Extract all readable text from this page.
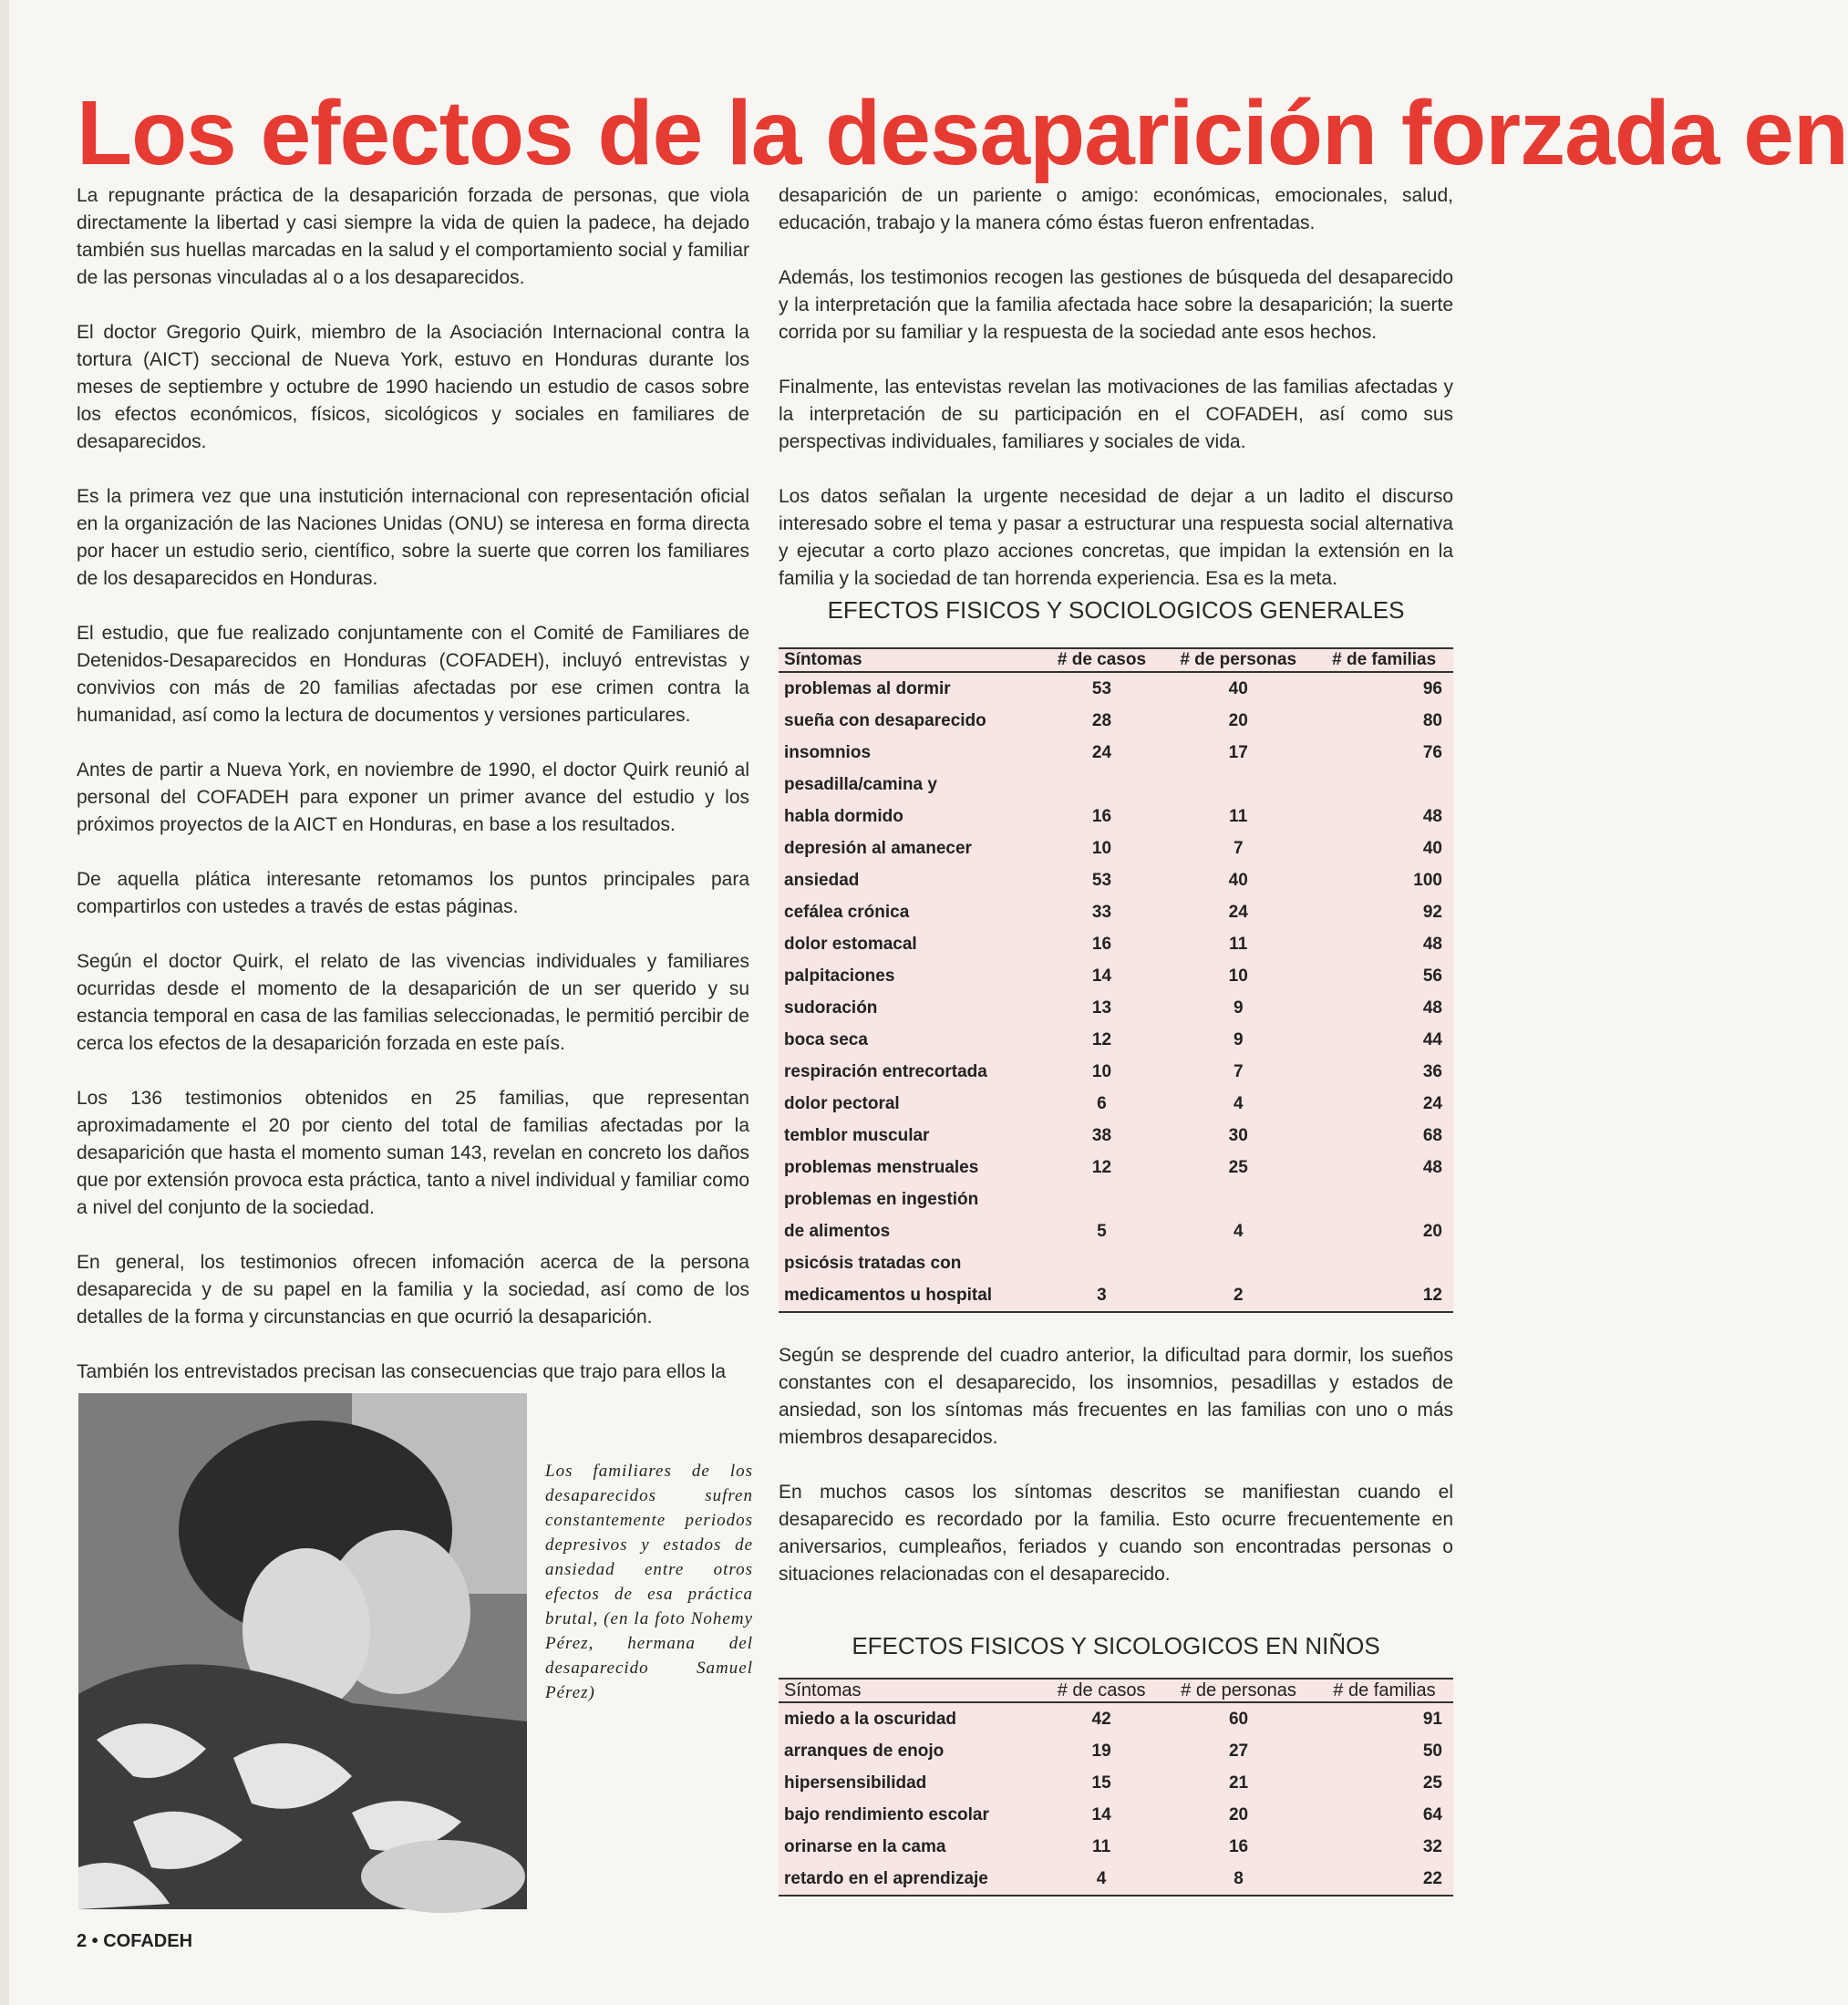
Los efectos de la desaparición forzada en

La repugnante práctica de la desaparición forzada de personas, que viola directamente la libertad y casi siempre la vida de quien la padece, ha dejado también sus huellas marcadas en la salud y el comportamiento social y familiar de las personas vinculadas al o a los desaparecidos.

El doctor Gregorio Quirk, miembro de la Asociación Internacional contra la tortura (AICT) seccional de Nueva York, estuvo en Honduras durante los meses de septiembre y octubre de 1990 haciendo un estudio de casos sobre los efectos económicos, físicos, sicológicos y sociales en familiares de desaparecidos.

Es la primera vez que una instutición internacional con representación oficial en la organización de las Naciones Unidas (ONU) se interesa en forma directa por hacer un estudio serio, científico, sobre la suerte que corren los familiares de los desaparecidos en Honduras.

El estudio, que fue realizado conjuntamente con el Comité de Familiares de Detenidos-Desaparecidos en Honduras (COFADEH), incluyó entrevistas y convivios con más de 20 familias afectadas por ese crimen contra la humanidad, así como la lectura de documentos y versiones particulares.

Antes de partir a Nueva York, en noviembre de 1990, el doctor Quirk reunió al personal del COFADEH para exponer un primer avance del estudio y los próximos proyectos de la AICT en Honduras, en base a los resultados.

De aquella plática interesante retomamos los puntos principales para compartirlos con ustedes a través de estas páginas.

Según el doctor Quirk, el relato de las vivencias individuales y familiares ocurridas desde el momento de la desaparición de un ser querido y su estancia temporal en casa de las familias seleccionadas, le permitió percibir de cerca los efectos de la desaparición forzada en este país.

Los 136 testimonios obtenidos en 25 familias, que representan aproximadamente el 20 por ciento del total de familias afectadas por la desaparición que hasta el momento suman 143, revelan en concreto los daños que por extensión provoca esta práctica, tanto a nivel individual y familiar como a nivel del conjunto de la sociedad.

En general, los testimonios ofrecen infomación acerca de la persona desaparecida y de su papel en la familia y la sociedad, así como de los detalles de la forma y circunstancias en que ocurrió la desaparición.

También los entrevistados precisan las consecuencias que trajo para ellos la

desaparición de un pariente o amigo: económicas, emocionales, salud, educación, trabajo y la manera cómo éstas fueron enfrentadas.

Además, los testimonios recogen las gestiones de búsqueda del desaparecido y la interpretación que la familia afectada hace sobre la desaparición; la suerte corrida por su familiar y la respuesta de la sociedad ante esos hechos.

Finalmente, las entevistas revelan las motivaciones de las familias afectadas y la interpretación de su participación en el COFADEH, así como sus perspectivas individuales, familiares y sociales de vida.

Los datos señalan la urgente necesidad de dejar a un ladito el discurso interesado sobre el tema y pasar a estructurar una respuesta social alternativa y ejecutar a corto plazo acciones concretas, que impidan la extensión en la familia y la sociedad de tan horrenda experiencia. Esa es la meta.

EFECTOS FISICOS Y SOCIOLOGICOS GENERALES
Síntomas	# de casos	# de personas	# de familias
problemas al dormir	53	40	96
sueña con desaparecido	28	20	80
insomnios	24	17	76
pesadilla/camina y			
habla dormido	16	11	48
depresión al amanecer	10	7	40
ansiedad	53	40	100
cefálea crónica	33	24	92
dolor estomacal	16	11	48
palpitaciones	14	10	56
sudoración	13	9	48
boca seca	12	9	44
respiración entrecortada	10	7	36
dolor pectoral	6	4	24
temblor muscular	38	30	68
problemas menstruales	12	25	48
problemas en ingestión			
de alimentos	5	4	20
psicósis tratadas con			
medicamentos u hospital	3	2	12

Según se desprende del cuadro anterior, la dificultad para dormir, los sueños constantes con el desaparecido, los insomnios, pesadillas y estados de ansiedad, son los síntomas más frecuentes en las familias con uno o más miembros desaparecidos.

En muchos casos los síntomas descritos se manifiestan cuando el desaparecido es recordado por la familia. Esto ocurre frecuentemente en aniversarios, cumpleaños, feriados y cuando son encontradas personas o situaciones relacionadas con el desaparecido.

EFECTOS FISICOS Y SICOLOGICOS EN NIÑOS
Síntomas	# de casos	# de personas	# de familias
miedo a la oscuridad	42	60	91
arranques de enojo	19	27	50
hipersensibilidad	15	21	25
bajo rendimiento escolar	14	20	64
orinarse en la cama	11	16	32
retardo en el aprendizaje	4	8	22

Los familiares de los desaparecidos sufren constantemente periodos depresivos y estados de ansiedad entre otros efectos de esa práctica brutal, (en la foto Nohemy Pérez, hermana del desaparecido Samuel Pérez)

2 • COFADEH
